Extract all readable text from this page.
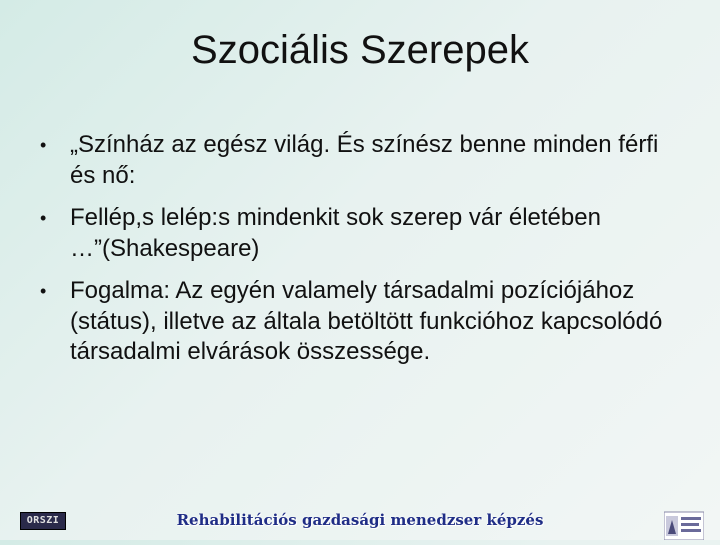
Szociális Szerepek
• „Színház az egész világ. És színész benne minden férfi és nő:
• Fellép,s lelép:s mindenkit sok szerep vár életében …”(Shakespeare)
• Fogalma: Az egyén valamely társadalmi pozíciójához (státus), illetve az általa betöltött funkcióhoz kapcsolódó társadalmi elvárások összessége.
ORSZI	Rehabilitációs gazdasági menedzser képzés
